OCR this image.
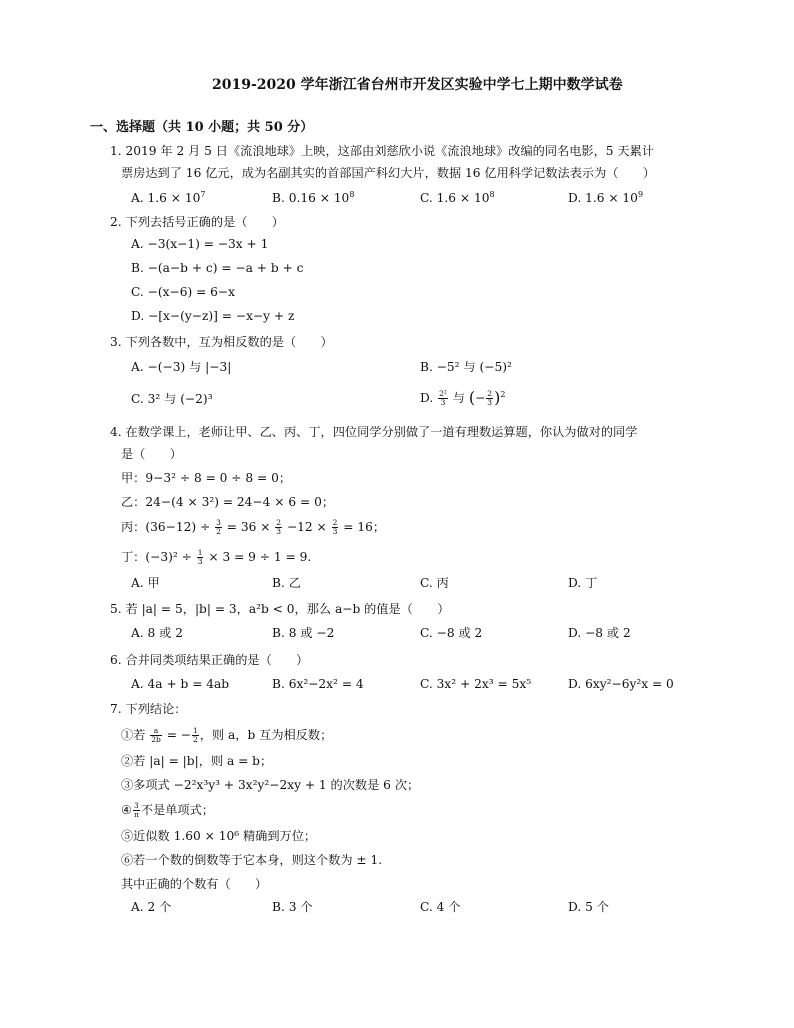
2019-2020 学年浙江省台州市开发区实验中学七上期中数学试卷
一、选择题（共 10 小题；共 50 分）
1. 2019 年 2 月 5 日《流浪地球》上映，这部由刘慈欣小说《流浪地球》改编的同名电影，5 天累计
票房达到了 16 亿元，成为名副其实的首部国产科幻大片，数据 16 亿用科学记数法表示为（　　）
A. $1.6 \times 10^7$	B. $0.16 \times 10^8$	C. $1.6 \times 10^8$	D. $1.6 \times 10^9$
2. 下列去括号正确的是（　　）
A. −3(x−1) = −3x + 1
B. −(a−b + c) = −a + b + c
C. −(x−6) = 6−x
D. −[x−(y−z)] = −x−y + z
3. 下列各数中，互为相反数的是（　　）
A. −(−3) 与 |−3|	B. −5² 与 (−5)²
C. 3² 与 (−2)³	D. $\frac{\text{2²}}{3}$ 与 (− $\frac{2}{3} )^2$
4. 在数学课上，老师让甲、乙、丙、丁，四位同学分别做了一道有理数运算题，你认为做对的同学
是（　　）
甲：9−3² ÷ 8 = 0 ÷ 8 = 0；
乙：24−(4 × 3²) = 24−4 × 6 = 0；
丙：$(36-12) \div \frac{3}{2} = 36 \times \frac{2}{3} -12 \times \frac{2}{3} = 16$；
丁：$(-3)^2 \div \frac{1}{3} \times 3 = 9 \div 1 = 9$.
A. 甲	B. 乙	C. 丙	D. 丁
5. 若 |a| = 5，|b| = 3，a²b < 0，那么 a−b 的值是（　　）
A. 8 或 2	B. 8 或 −2	C. −8 或 2	D. −8 或 2
6. 合并同类项结果正确的是（　　）
A. 4a + b = 4ab	B. 6x²−2x² = 4	C. 3x² + 2x³ = 5x⁵	D. 6xy²−6y²x = 0
7. 下列结论：
①若 $\frac{a}{2b}$ = − $\frac{1}{2}$ ，则 a，b 互为相反数；
②若 |a| = |b|，则 a = b；
③多项式 −2²x³y³ + 3x²y²−2xy + 1 的次数是 6 次；
④ $\frac{3}{\pi}$ 不是单项式；
⑤近似数 1.60 × 10⁶ 精确到万位；
⑥若一个数的倒数等于它本身，则这个数为 ± 1.
其中正确的个数有（　　）
A. 2 个	B. 3 个	C. 4 个	D. 5 个
